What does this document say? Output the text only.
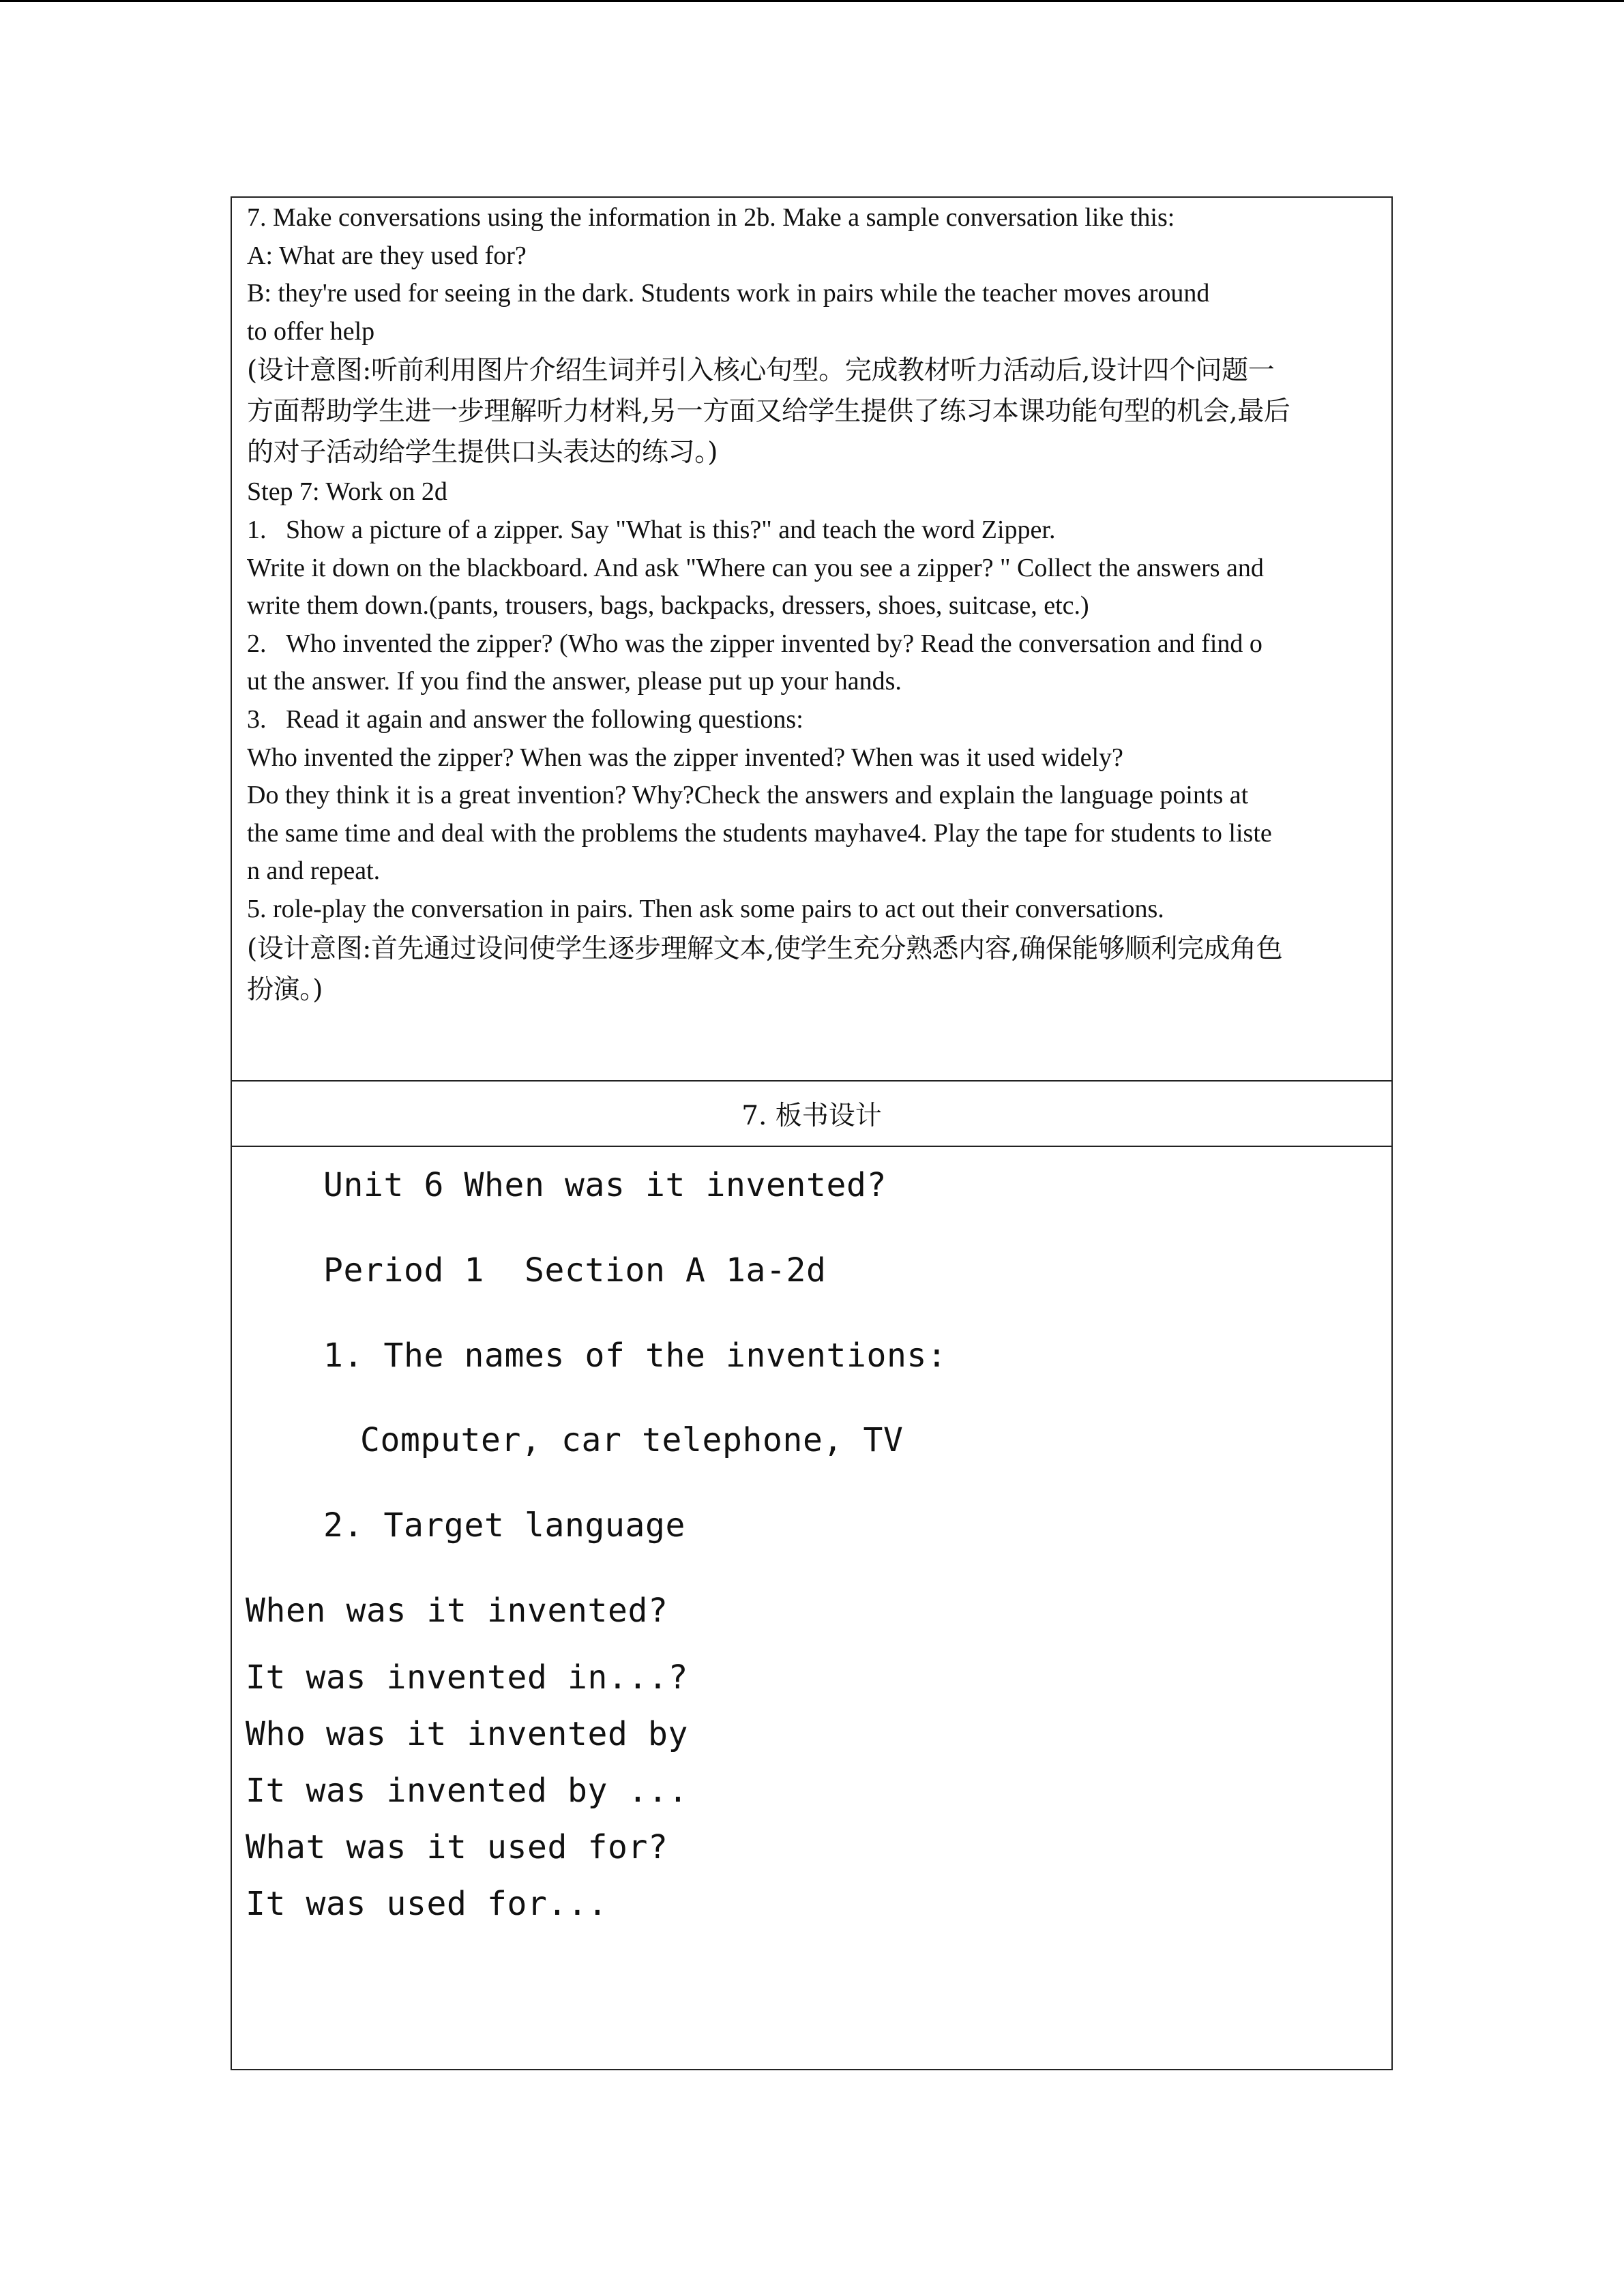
7. Make conversations using the information in 2b. Make a sample conversation like this:

A: What are they used for?

B: they're used for seeing in the dark. Students work in pairs while the teacher moves around

to offer help

(设计意图:听前利用图片介绍生词并引入核心句型。完成教材听力活动后,设计四个问题一

方面帮助学生进一步理解听力材料,另一方面又给学生提供了练习本课功能句型的机会,最后

的对子活动给学生提供口头表达的练习。)

Step 7: Work on 2d

1.   Show a picture of a zipper. Say "What is this?" and teach the word Zipper.

Write it down on the blackboard. And ask "Where can you see a zipper? " Collect the answers and

write them down.(pants, trousers, bags, backpacks, dressers, shoes, suitcase, etc.)

2.   Who invented the zipper? (Who was the zipper invented by? Read the conversation and find o

ut the answer. If you find the answer, please put up your hands.

3.   Read it again and answer the following questions:

Who invented the zipper? When was the zipper invented? When was it used widely?

Do they think it is a great invention? Why?Check the answers and explain the language points at

the same time and deal with the problems the students mayhave4. Play the tape for students to liste

n and repeat.

5. role-play the conversation in pairs. Then ask some pairs to act out their conversations.

(设计意图:首先通过设问使学生逐步理解文本,使学生充分熟悉内容,确保能够顺利完成角色

扮演。)

7. 板书设计

Unit 6 When was it invented?

Period 1  Section A 1a-2d

1. The names of the inventions:

Computer, car telephone, TV

2. Target language

When was it invented?

It was invented in...?

Who was it invented by

It was invented by ...

What was it used for?

It was used for...
